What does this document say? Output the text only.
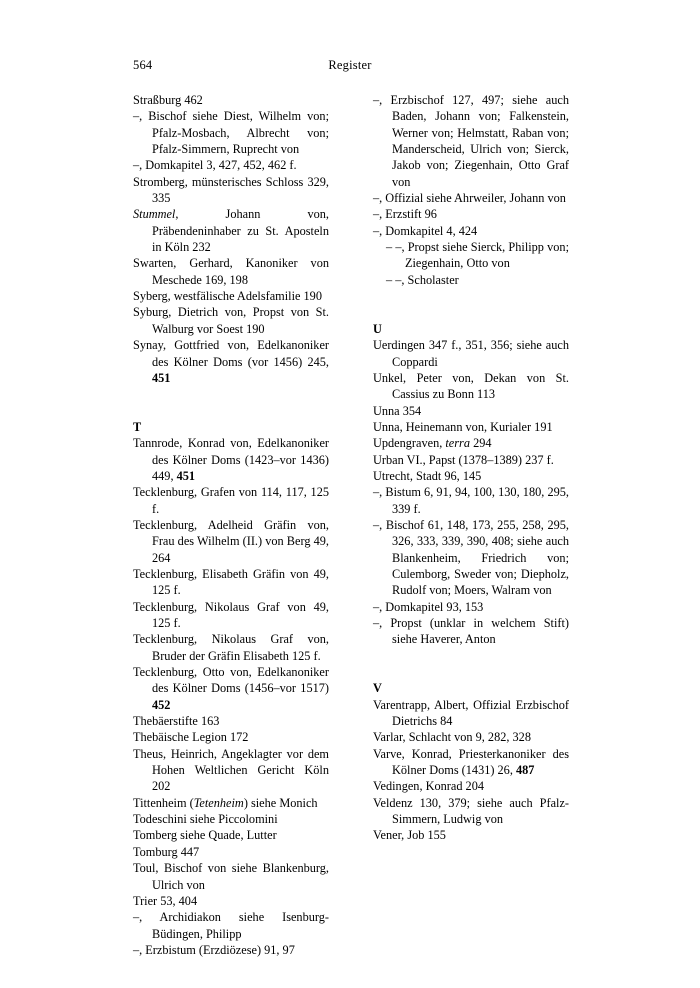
564	Register

Straßburg 462

–, Bischof siehe Diest, Wilhelm von; Pfalz-Mosbach, Albrecht von; Pfalz-Simmern, Ruprecht von

–, Domkapitel 3, 427, 452, 462 f.

Stromberg, münsterisches Schloss 329, 335

Stummel, Johann von, Präbendeninhaber zu St. Aposteln in Köln 232

Swarten, Gerhard, Kanoniker von Meschede 169, 198

Syberg, westfälische Adelsfamilie 190

Syburg, Dietrich von, Propst von St. Walburg vor Soest 190

Synay, Gottfried von, Edelkanoniker des Kölner Doms (vor 1456) 245, 451

T

Tannrode, Konrad von, Edelkanoniker des Kölner Doms (1423–vor 1436) 449, 451

Tecklenburg, Grafen von 114, 117, 125 f.

Tecklenburg, Adelheid Gräfin von, Frau des Wilhelm (II.) von Berg 49, 264

Tecklenburg, Elisabeth Gräfin von 49, 125 f.

Tecklenburg, Nikolaus Graf von 49, 125 f.

Tecklenburg, Nikolaus Graf von, Bruder der Gräfin Elisabeth 125 f.

Tecklenburg, Otto von, Edelkanoniker des Kölner Doms (1456–vor 1517) 452

Thebäerstifte 163

Thebäische Legion 172

Theus, Heinrich, Angeklagter vor dem Hohen Weltlichen Gericht Köln 202

Tittenheim (Tetenheim) siehe Monich

Todeschini siehe Piccolomini

Tomberg siehe Quade, Lutter

Tomburg 447

Toul, Bischof von siehe Blankenburg, Ulrich von

Trier 53, 404

–, Archidiakon siehe Isenburg-Büdingen, Philipp

–, Erzbistum (Erzdiözese) 91, 97

–, Erzbischof 127, 497; siehe auch Baden, Johann von; Falkenstein, Werner von; Helmstatt, Raban von; Manderscheid, Ulrich von; Sierck, Jakob von; Ziegenhain, Otto Graf von

–, Offizial siehe Ahrweiler, Johann von

–, Erzstift 96

–, Domkapitel 4, 424

– –, Propst siehe Sierck, Philipp von; Ziegenhain, Otto von

– –, Scholaster

U

Uerdingen 347 f., 351, 356; siehe auch Coppardi

Unkel, Peter von, Dekan von St. Cassius zu Bonn 113

Unna 354

Unna, Heinemann von, Kurialer 191

Updengraven, terra 294

Urban VI., Papst (1378–1389) 237 f.

Utrecht, Stadt 96, 145

–, Bistum 6, 91, 94, 100, 130, 180, 295, 339 f.

–, Bischof 61, 148, 173, 255, 258, 295, 326, 333, 339, 390, 408; siehe auch Blankenheim, Friedrich von; Culemborg, Sweder von; Diepholz, Rudolf von; Moers, Walram von

–, Domkapitel 93, 153

–, Propst (unklar in welchem Stift) siehe Haverer, Anton

V

Varentrapp, Albert, Offizial Erzbischof Dietrichs 84

Varlar, Schlacht von 9, 282, 328

Varve, Konrad, Priesterkanoniker des Kölner Doms (1431) 26, 487

Vedingen, Konrad 204

Veldenz 130, 379; siehe auch Pfalz-Simmern, Ludwig von

Vener, Job 155
